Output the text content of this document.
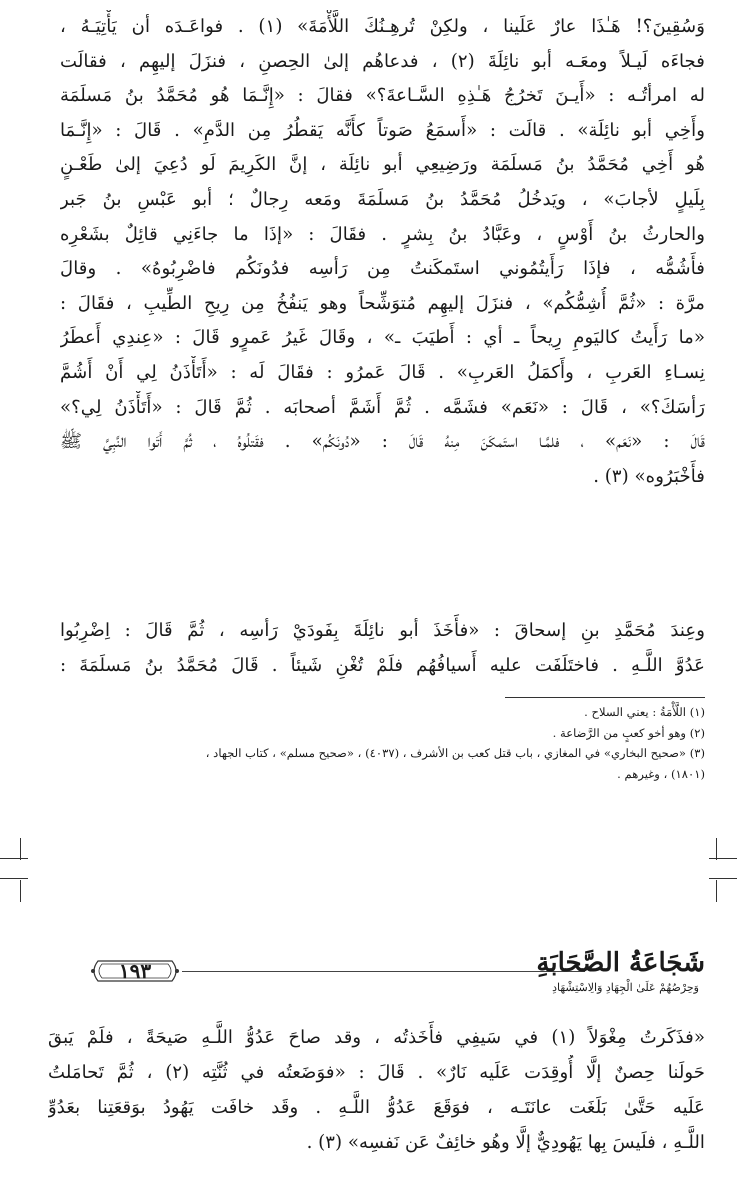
وَسُقِينَ؟! هَـٰذَا عارٌ عَلَينا ، ولكِنْ تُرهِـنُكَ اللَّأْمَةَ» (١) . فواعَـدَه أن يَأْتِيَـهُ ،
فجاءَه لَيـلاً ومعَـه أبو نائِلَةَ (٢) ، فدعاهُم إلىٰ الحِصنِ ، فنزَلَ إليهِم ، فقالَت
له امرأتُـه : «أَيـنَ تَخرُجُ هَـٰذِهِ السَّـاعةَ؟» فقالَ : «إِنَّـمَا هُو مُحَمَّدُ بنُ مَسلَمَة
وأَخِي أبو نائِلَة» . قالَت : «أَسمَعُ صَوتاً كأَنَّه يَقطُرُ مِن الدَّمِ» . قَالَ : «إِنَّـمَا
هُو أَخِي مُحَمَّدُ بنُ مَسلَمَة ورَضِيعِي أبو نائِلَة ، إنَّ الكَرِيمَ لَو دُعِيَ إلىٰ طَعْـنٍ
بِلَيلٍ لأجابَ» ، ويَدخُلُ مُحَمَّدُ بنُ مَسلَمَةَ ومَعه رِجالٌ ؛ أبو عَبْسِ بنُ جَبر
والحارثُ بنُ أَوْسٍ ، وعَبَّادُ بنُ بِشرٍ . فقَالَ : «إذَا ما جاءَنِي قائِلٌ بشَعْرِه
فأَشُمُّه ، فإذَا رَأَيتُمُوني استَمكَنتُ مِن رَأسِه فدُونَكُم فاضْرِبُوهُ» . وقالَ
مرَّة : «ثُمَّ أُشِمُّكُم» ، فنزَلَ إليهِم مُتوَشِّحاً وهو يَنفُخُ مِن رِيحِ الطِّيبِ ، فقَالَ :
«ما رَأَيتُ كاليَومِ رِيحاً ـ أي : أَطيَبَ ـ» ، وقَالَ غَيرُ عَمرٍو قَالَ : «عِندِي أَعطَرُ
نِسـاءِ العَربِ ، وأَكمَلُ العَربِ» . قَالَ عَمرُو : فقَالَ لَه : «أَتَأْذَنُ لِي أَنْ أَشُمَّ
رَأسَكَ؟» ، قَالَ : «نَعَم» فشَمَّه . ثُمَّ أَشَمَّ أصحابَه . ثُمَّ قَالَ : «أَتَأْذَنُ لِي؟»
قَالَ : «نَعَم» ، فلمَّـا استَمكَنَ مِنهُ قَالَ : «دُونَكُم» . فقَتلُوهُ ، ثُمَّ أَتَوا النَّبِيَّ ﷺ
فأَخْبَرُوه» (٣) .
وعِندَ مُحَمَّدِ بنِ إسحاقَ : «فأَخَذَ أبو نائِلَةَ بِفَودَيْ رَأسِه ، ثُمَّ قَالَ : اِضْرِبُوا
عَدُوَّ اللَّـهِ . فاختَلَفَت عليه أَسيافُهُم فلَمْ تُغْنِ شَيئاً . قَالَ مُحَمَّدُ بنُ مَسلَمَةَ :
(١) اللَّأْمَةُ : يعني السلاح .
(٢) وهو أخو كعبٍ من الرَّضاعة .
(٣) «صحيح البخاري» في المغازي ، باب قتل كعب بن الأشرف ، (٤٠٣٧) ، «صحيح مسلم» ، كتاب الجهاد ،
(١٨٠١) ، وغيرهم .
١٩٣	شَجَاعَةُ الصَّحَابَةِ
وَحِرْصُهُمْ عَلَىٰ الْجِهَادِ وَالِاسْتِشْهَادِ
«فذَكَرتُ مِغْوَلاً (١) في سَيفِي فأَخَذتُه ، وقد صاحَ عَدُوُّ اللَّـهِ صَيحَةً ، فلَمْ يَبقَ
حَولَنا حِصنٌ إلَّا أُوقِدَت عَلَيه نَارٌ» . قَالَ : «فوَضَعتُه في ثُنَّتِه (٢) ، ثُمَّ تَحامَلتُ
عَلَيه حَتَّىٰ بَلَغَت عانَتَـه ، فوَقَعَ عَدُوُّ اللَّـهِ . وقَد خافَت يَهُودُ بوَقعَتِنا بعَدُوِّ
اللَّـهِ ، فلَيسَ بِها يَهُودِيٌّ إلَّا وهُو خائِفٌ عَن نَفسِه» (٣) .
